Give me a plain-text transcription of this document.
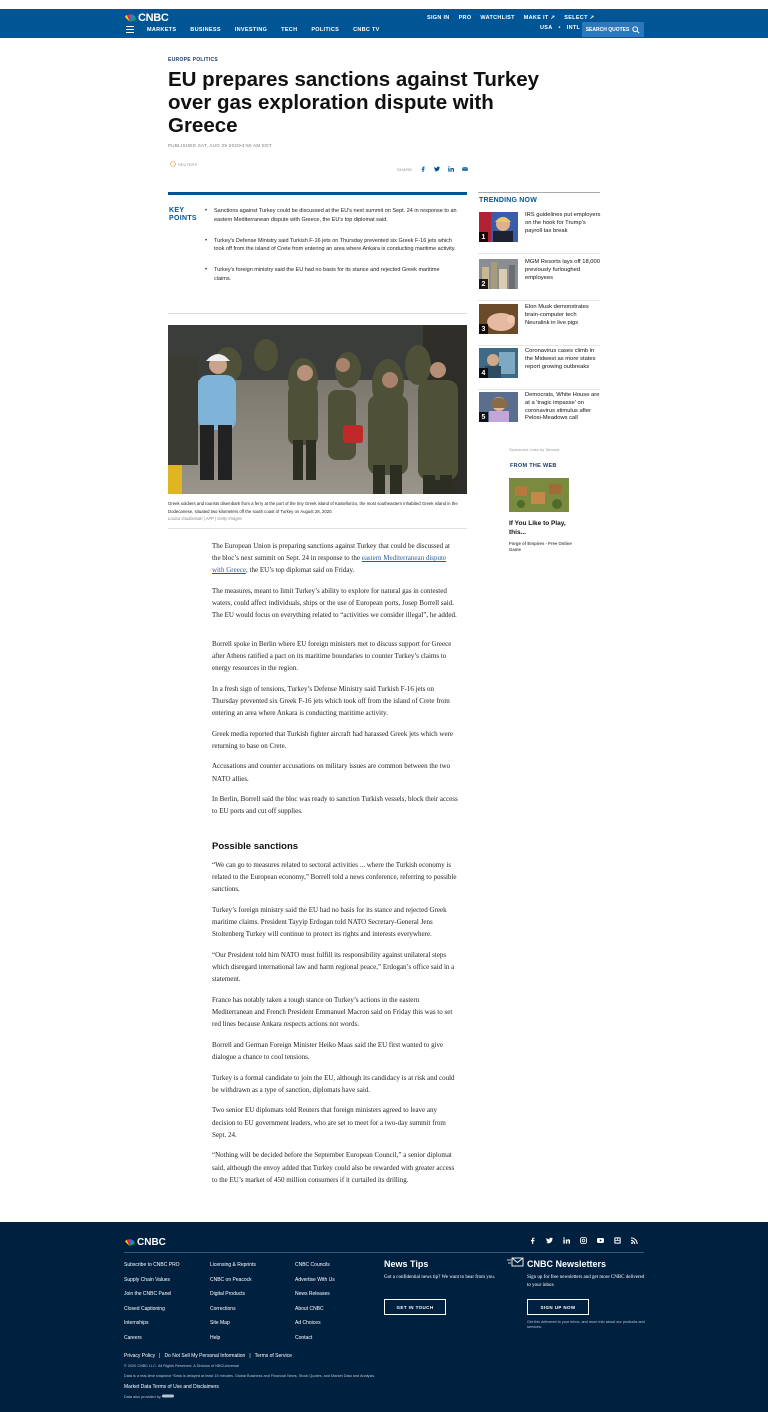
CNBC
MARKETS	BUSINESS	INVESTING	TECH	POLITICS	CNBC TV
SIGN IN PRO WATCHLIST MAKE IT ↗ SELECT ↗
USA • INTL SEARCH QUOTES
EUROPE POLITICS
EU prepares sanctions against Turkey over gas exploration dispute with Greece
PUBLISHED SAT, AUG 29 2020•3:50 AM EDT
REUTERS
SHARE
KEY POINTS
• Sanctions against Turkey could be discussed at the EU's next summit on Sept. 24 in response to an eastern Mediterranean dispute with Greece, the EU's top diplomat said.
• Turkey's Defense Ministry said Turkish F-16 jets on Thursday prevented six Greek F-16 jets which took off from the island of Crete from entering an area where Ankara is conducting maritime activity.
• Turkey's foreign ministry said the EU had no basis for its stance and rejected Greek maritime claims.
Greek soldiers and tourists disembark from a ferry at the port of the tiny Greek island of Kastellorizo, the most southeastern inhabited Greek island in the Dodecanese, situated two kilometers off the south coast of Turkey on August 28, 2020.
Louisa Gouliamaki | AFP | Getty Images

The European Union is preparing sanctions against Turkey that could be discussed at the bloc’s next summit on Sept. 24 in response to the eastern Mediterranean dispute with Greece, the EU’s top diplomat said on Friday.

The measures, meant to limit Turkey’s ability to explore for natural gas in contested waters, could affect individuals, ships or the use of European ports, Josep Borrell said. The EU would focus on everything related to “activities we consider illegal”, he added.

Borrell spoke in Berlin where EU foreign ministers met to discuss support for Greece after Athens ratified a pact on its maritime boundaries to counter Turkey’s claims to energy resources in the region.

In a fresh sign of tensions, Turkey’s Defense Ministry said Turkish F-16 jets on Thursday prevented six Greek F-16 jets which took off from the island of Crete from entering an area where Ankara is conducting maritime activity.

Greek media reported that Turkish fighter aircraft had harassed Greek jets which were returning to base on Crete.

Accusations and counter accusations on military issues are common between the two NATO allies.

In Berlin, Borrell said the bloc was ready to sanction Turkish vessels, block their access to EU ports and cut off supplies.

Possible sanctions

“We can go to measures related to sectoral activities ... where the Turkish economy is related to the European economy,” Borrell told a news conference, referring to possible sanctions.

Turkey’s foreign ministry said the EU had no basis for its stance and rejected Greek maritime claims. President Tayyip Erdogan told NATO Secretary-General Jens Stoltenberg Turkey will continue to protect its rights and interests everywhere.

“Our President told him NATO must fulfill its responsibility against unilateral steps which disregard international law and harm regional peace,” Erdogan’s office said in a statement.

France has notably taken a tough stance on Turkey’s actions in the eastern Mediterranean and French President Emmanuel Macron said on Friday this was to set red lines because Ankara respects actions not words.

Borrell and German Foreign Minister Heiko Maas said the EU first wanted to give dialogue a chance to cool tensions.

Turkey is a formal candidate to join the EU, although its candidacy is at risk and could be withdrawn as a type of sanction, diplomats have said.

Two senior EU diplomats told Reuters that foreign ministers agreed to leave any decision to EU government leaders, who are set to meet for a two-day summit from Sept. 24.

“Nothing will be decided before the September European Council,” a senior diplomat said, although the envoy added that Turkey could also be rewarded with greater access to the EU’s market of 450 million consumers if it curtailed its drilling.

TRENDING NOW
1
IRS guidelines put employers on the hook for Trump's payroll tax break
2
MGM Resorts lays off 18,000 previously furloughed employees
3
Elon Musk demonstrates brain-computer tech Neuralink in live pigs
4
Coronavirus cases climb in the Midwest as more states report growing outbreaks
5
Democrats, White House are at a 'tragic impasse' on coronavirus stimulus after Pelosi-Meadows call
Sponsored Links by Taboola
FROM THE WEB
If You Like to Play, this...
Forge of Empires - Free Online Game
CNBC
Subscribe to CNBC PRO
Supply Chain Values
Join the CNBC Panel
Closed Captioning
Internships
Careers
Licensing & Reprints
CNBC on Peacock
Digital Products
Corrections
Site Map
Help
CNBC Councils
Advertise With Us
News Releases
About CNBC
Ad Choices
Contact
News Tips
Got a confidential news tip? We want to hear from you.
GET IN TOUCH
CNBC Newsletters
Sign up for free newsletters and get more CNBC delivered to your inbox
SIGN UP NOW
Get this delivered to your inbox, and more info about our products and services.
Privacy Policy | Do Not Sell My Personal Information | Terms of Service
© 2020 CNBC LLC. All Rights Reserved. A Division of NBCUniversal
Data is a real-time snapshot *Data is delayed at least 15 minutes. Global Business and Financial News, Stock Quotes, and Market Data and Analysis.
Market Data Terms of Use and Disclaimers
Data also provided by
